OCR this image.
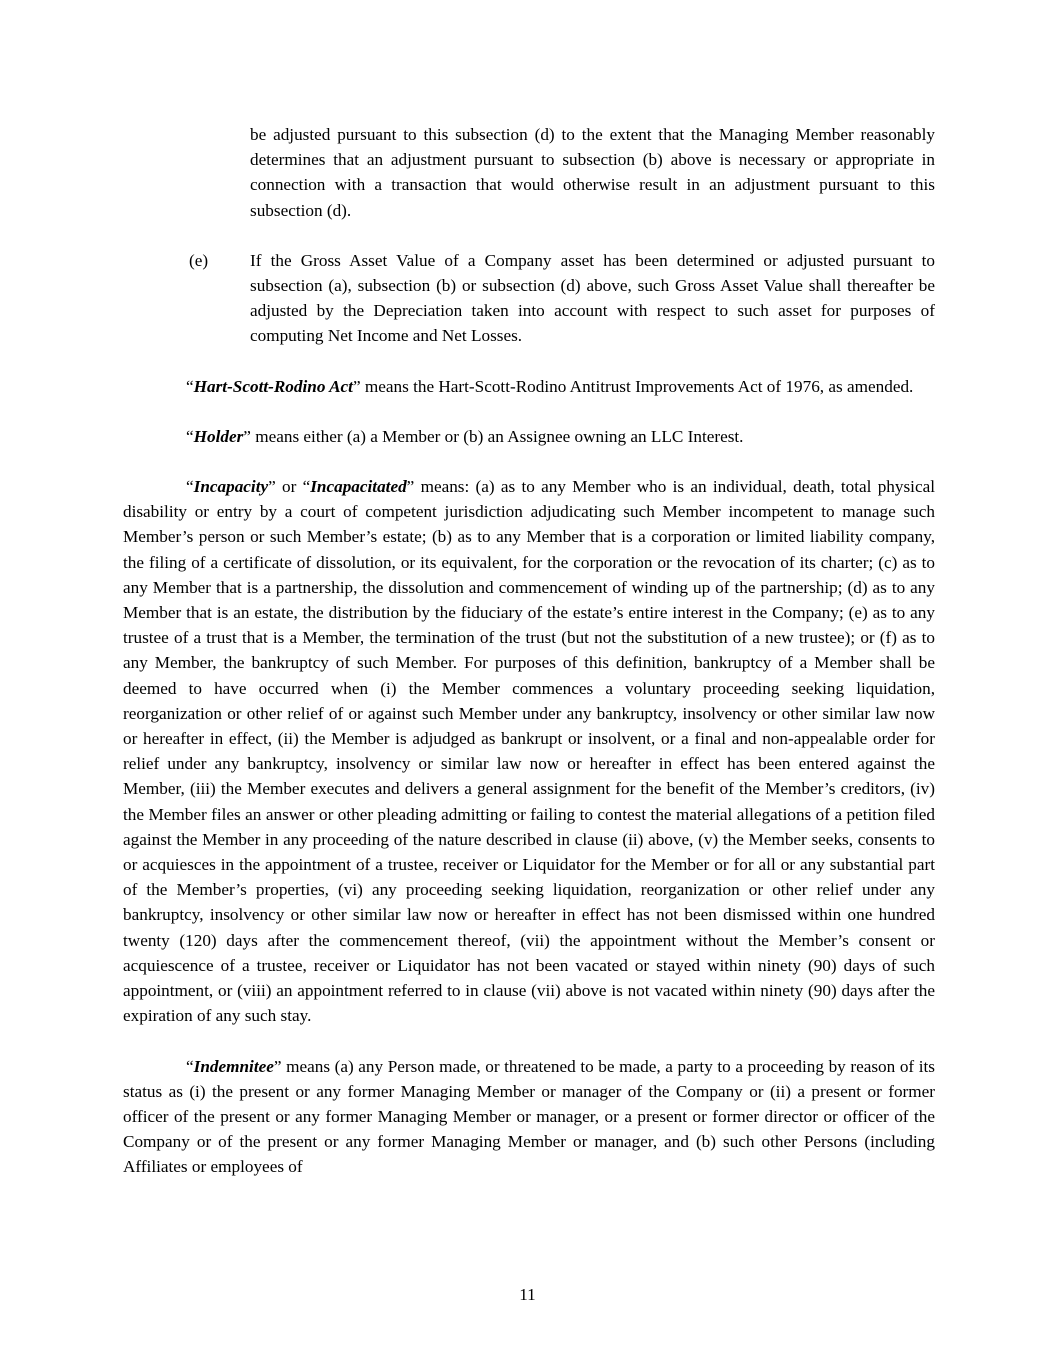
be adjusted pursuant to this subsection (d) to the extent that the Managing Member reasonably determines that an adjustment pursuant to subsection (b) above is necessary or appropriate in connection with a transaction that would otherwise result in an adjustment pursuant to this subsection (d).

(e)	If the Gross Asset Value of a Company asset has been determined or adjusted pursuant to subsection (a), subsection (b) or subsection (d) above, such Gross Asset Value shall thereafter be adjusted by the Depreciation taken into account with respect to such asset for purposes of computing Net Income and Net Losses.

“Hart-Scott-Rodino Act” means the Hart-Scott-Rodino Antitrust Improvements Act of 1976, as amended.

“Holder” means either (a) a Member or (b) an Assignee owning an LLC Interest.

“Incapacity” or “Incapacitated” means: (a) as to any Member who is an individual, death, total physical disability or entry by a court of competent jurisdiction adjudicating such Member incompetent to manage such Member’s person or such Member’s estate; (b) as to any Member that is a corporation or limited liability company, the filing of a certificate of dissolution, or its equivalent, for the corporation or the revocation of its charter; (c) as to any Member that is a partnership, the dissolution and commencement of winding up of the partnership; (d) as to any Member that is an estate, the distribution by the fiduciary of the estate’s entire interest in the Company; (e) as to any trustee of a trust that is a Member, the termination of the trust (but not the substitution of a new trustee); or (f) as to any Member, the bankruptcy of such Member. For purposes of this definition, bankruptcy of a Member shall be deemed to have occurred when (i) the Member commences a voluntary proceeding seeking liquidation, reorganization or other relief of or against such Member under any bankruptcy, insolvency or other similar law now or hereafter in effect, (ii) the Member is adjudged as bankrupt or insolvent, or a final and non-appealable order for relief under any bankruptcy, insolvency or similar law now or hereafter in effect has been entered against the Member, (iii) the Member executes and delivers a general assignment for the benefit of the Member’s creditors, (iv) the Member files an answer or other pleading admitting or failing to contest the material allegations of a petition filed against the Member in any proceeding of the nature described in clause (ii) above, (v) the Member seeks, consents to or acquiesces in the appointment of a trustee, receiver or Liquidator for the Member or for all or any substantial part of the Member’s properties, (vi) any proceeding seeking liquidation, reorganization or other relief under any bankruptcy, insolvency or other similar law now or hereafter in effect has not been dismissed within one hundred twenty (120) days after the commencement thereof, (vii) the appointment without the Member’s consent or acquiescence of a trustee, receiver or Liquidator has not been vacated or stayed within ninety (90) days of such appointment, or (viii) an appointment referred to in clause (vii) above is not vacated within ninety (90) days after the expiration of any such stay.

“Indemnitee” means (a) any Person made, or threatened to be made, a party to a proceeding by reason of its status as (i) the present or any former Managing Member or manager of the Company or (ii) a present or former officer of the present or any former Managing Member or manager, or a present or former director or officer of the Company or of the present or any former Managing Member or manager, and (b) such other Persons (including Affiliates or employees of

11
